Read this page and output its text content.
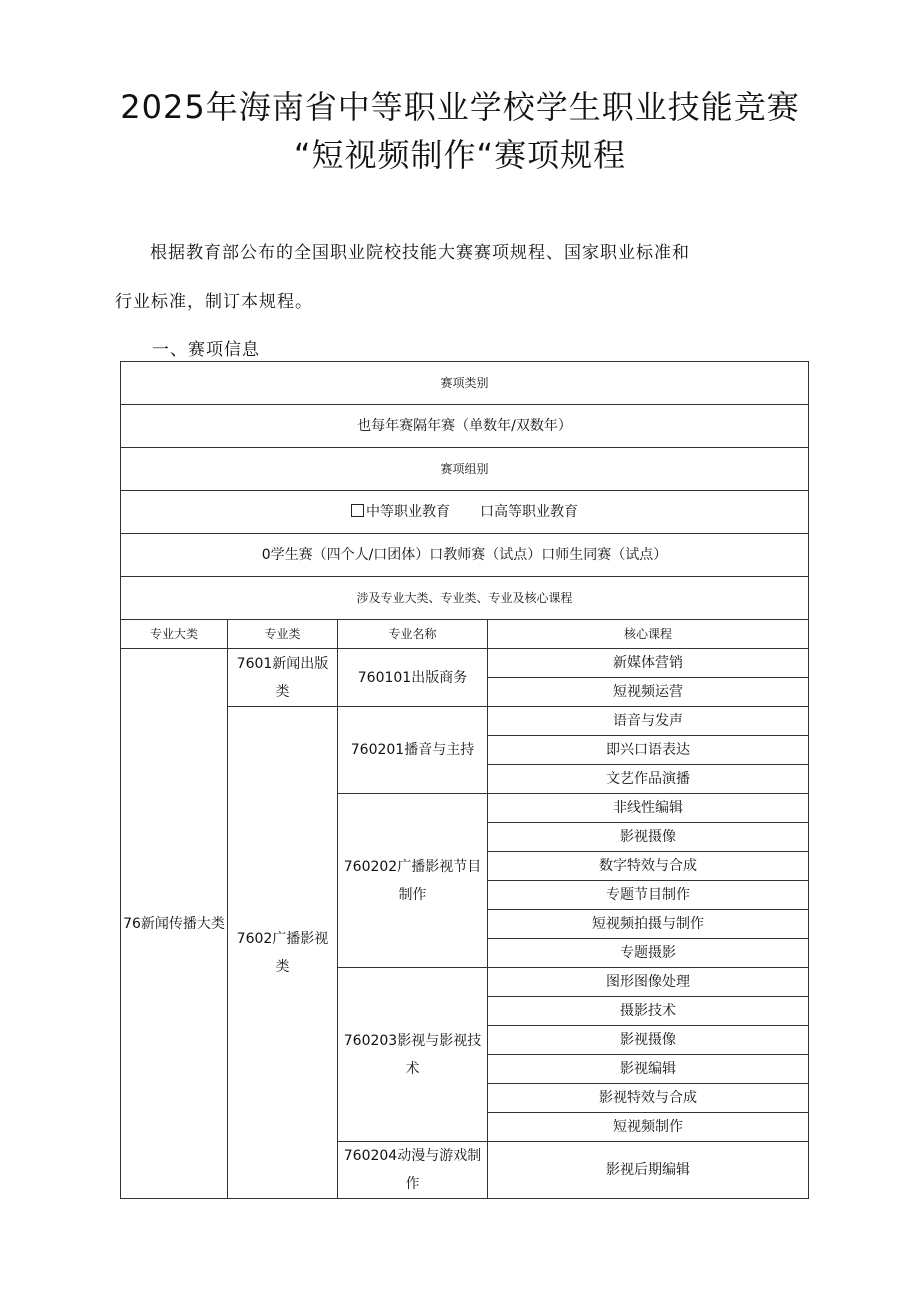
2025年海南省中等职业学校学生职业技能竞赛
“短视频制作“赛项规程
根据教育部公布的全国职业院校技能大赛赛项规程、国家职业标准和
行业标准，制订本规程。
一、赛项信息
赛项类别			
也每年赛隔年赛（单数年/双数年）			
赛项组别			
中等职业教育 口高等职业教育			
0学生赛（四个人/口团体）口教师赛（试点）口师生同赛（试点）			
涉及专业大类、专业类、专业及核心课程			
专业大类	专业类	专业名称	核心课程
76新闻传播大类	7601新闻出版类	760101出版商务	新媒体营销
			短视频运营
	7602广播影视类	760201播音与主持	语音与发声
			即兴口语表达
			文艺作品演播
		760202广播影视节目制作	非线性编辑
			影视摄像
			数字特效与合成
			专题节目制作
			短视频拍摄与制作
			专题摄影
		760203影视与影视技术	图形图像处理
			摄影技术
			影视摄像
			影视编辑
			影视特效与合成
			短视频制作
		760204动漫与游戏制作	影视后期编辑
